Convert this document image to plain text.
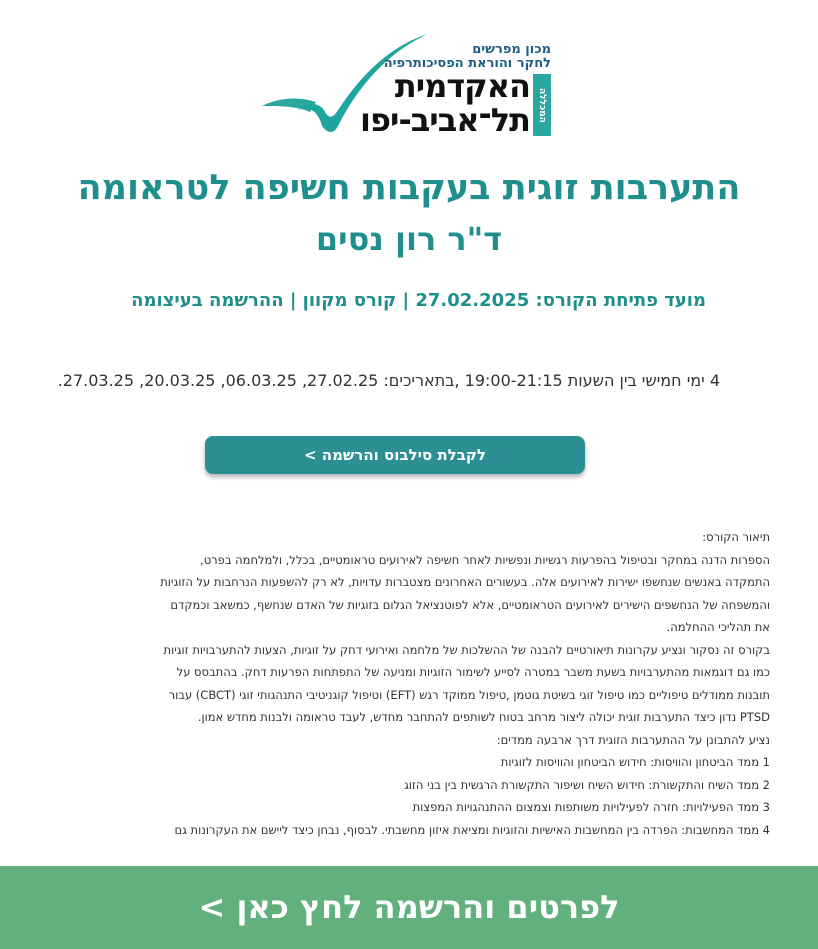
מכון מפרשים
לחקר והוראת הפסיכותרפיה
האקדמית
תל־אביב-יפו המכללה
התערבות זוגית בעקבות חשיפה לטראומה
ד"ר רון נסים
מועד פתיחת הקורס: 27.02.2025 | קורס מקוון | ההרשמה בעיצומה
4 ימי חמישי בין השעות 19:00-21:15 ,בתאריכים: 27.02.25, 06.03.25, 20.03.25, 27.03.25.
לקבלת סילבוס והרשמה >

תיאור הקורס:

הספרות הדנה במחקר ובטיפול בהפרעות רגשיות ונפשיות לאחר חשיפה לאירועים טראומטיים, בכלל, ולמלחמה בפרט,

התמקדה באנשים שנחשפו ישירות לאירועים אלה. בעשורים האחרונים מצטברות עדויות, לא רק להשפעות הנרחבות על הזוגיות

והמשפחה של הנחשפים הישירים לאירועים הטראומטיים, אלא לפוטנציאל הגלום בזוגיות של האדם שנחשף, כמשאב וכמקדם

את תהליכי ההחלמה.

בקורס זה נסקור ונציע עקרונות תיאורטיים להבנה של ההשלכות של מלחמה ואירועי דחק על זוגיות, הצעות להתערבויות זוגיות

כמו גם דוגמאות מהתערבויות בשעת משבר במטרה לסייע לשימור הזוגיות ומניעה של התפתחות הפרעות דחק. בהתבסס על

תובנות ממודלים טיפוליים כמו טיפול זוגי בשיטת גוטמן ,טיפול ממוקד רגש (EFT) וטיפול קוגניטיבי התנהגותי זוגי (CBCT) עבור

PTSD נדון כיצד התערבות זוגית יכולה ליצור מרחב בטוח לשותפים להתחבר מחדש, לעבד טראומה ולבנות מחדש אמון.

נציע להתבונן על ההתערבות הזוגית דרך ארבעה ממדים:

1 ממד הביטחון והוויסות: חידוש הביטחון והוויסות לזוגיות

2 ממד השיח והתקשורת: חידוש השיח ושיפור התקשורת הרגשית בין בני הזוג

3 ממד הפעילויות: חזרה לפעילויות משותפות וצמצום ההתנהגויות המפצות

4 ממד המחשבות: הפרדה בין המחשבות האישיות והזוגיות ומציאת איזון מחשבתי. לבסוף, נבחן כיצד ליישם את העקרונות גם

לפרטים והרשמה לחץ כאן >
